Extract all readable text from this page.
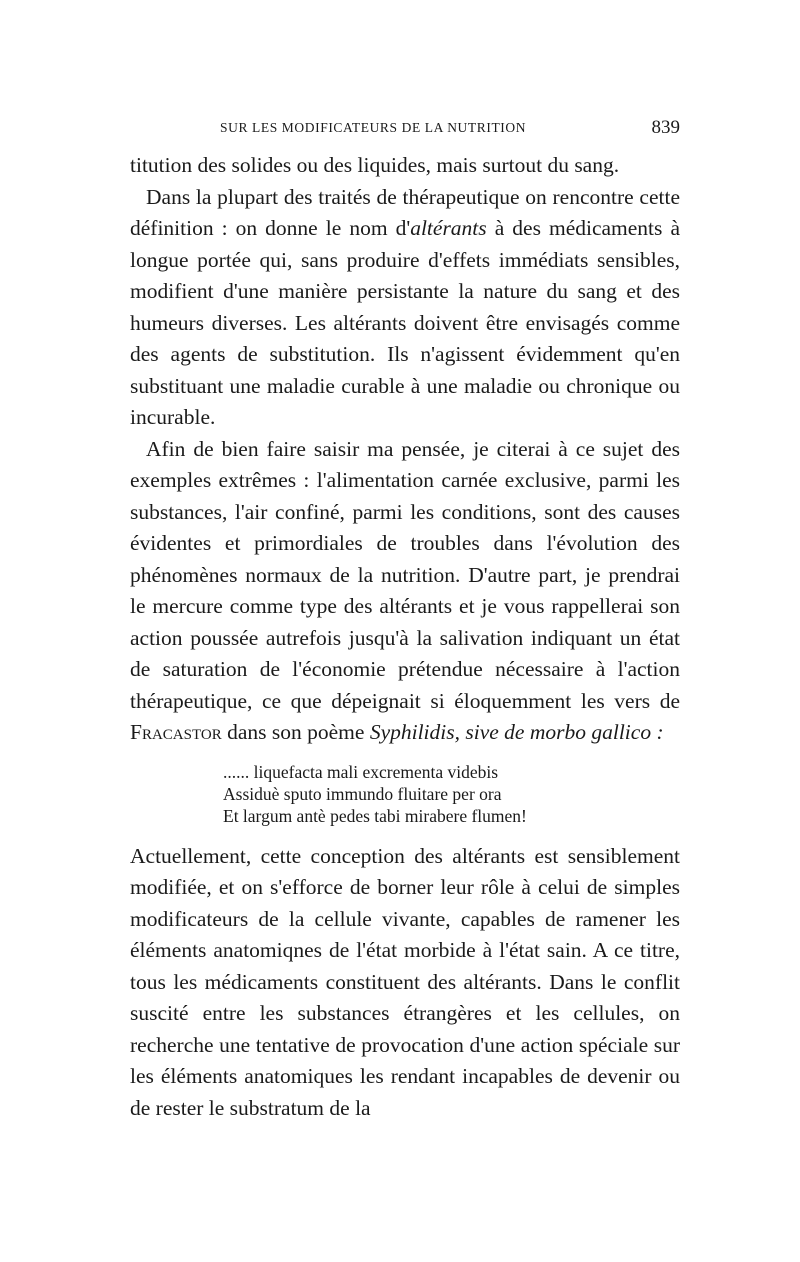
SUR LES MODIFICATEURS DE LA NUTRITION	839

titution des solides ou des liquides, mais surtout du sang.

Dans la plupart des traités de thérapeutique on rencontre cette définition : on donne le nom d'altérants à des médicaments à longue portée qui, sans produire d'effets immédiats sensibles, modifient d'une manière persistante la nature du sang et des humeurs diverses. Les altérants doivent être envisagés comme des agents de substitution. Ils n'agissent évidemment qu'en substituant une maladie curable à une maladie ou chronique ou incurable.

Afin de bien faire saisir ma pensée, je citerai à ce sujet des exemples extrêmes : l'alimentation carnée exclusive, parmi les substances, l'air confiné, parmi les conditions, sont des causes évidentes et primordiales de troubles dans l'évolution des phénomènes normaux de la nutrition. D'autre part, je prendrai le mercure comme type des altérants et je vous rappellerai son action poussée autrefois jusqu'à la salivation indiquant un état de saturation de l'économie prétendue nécessaire à l'action thérapeutique, ce que dépeignait si éloquemment les vers de Fracastor dans son poème Syphilidis, sive de morbo gallico :

...... liquefacta mali excrementa videbis
Assiduè sputo immundo fluitare per ora
Et largum antè pedes tabi mirabere flumen!

Actuellement, cette conception des altérants est sensiblement modifiée, et on s'efforce de borner leur rôle à celui de simples modificateurs de la cellule vivante, capables de ramener les éléments anatomiqnes de l'état morbide à l'état sain. A ce titre, tous les médicaments constituent des altérants. Dans le conflit suscité entre les substances étrangères et les cellules, on recherche une tentative de provocation d'une action spéciale sur les éléments anatomiques les rendant incapables de devenir ou de rester le substratum de la
